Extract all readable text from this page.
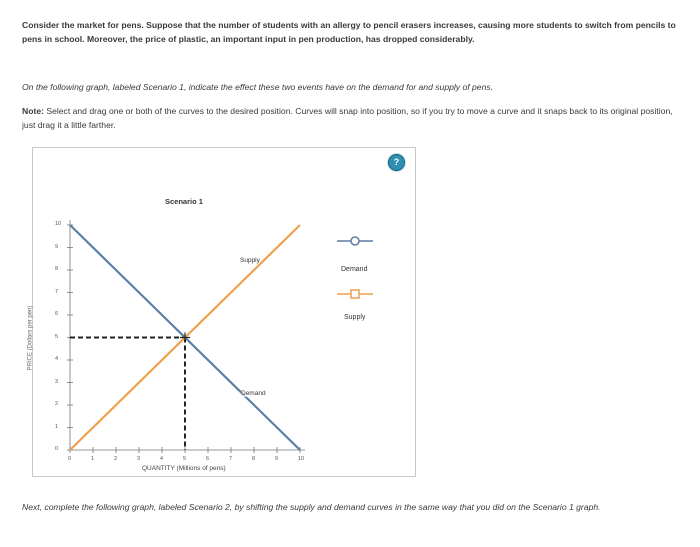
Consider the market for pens. Suppose that the number of students with an allergy to pencil erasers increases, causing more students to switch from pencils to pens in school. Moreover, the price of plastic, an important input in pen production, has dropped considerably.
On the following graph, labeled Scenario 1, indicate the effect these two events have on the demand for and supply of pens.
Note: Select and drag one or both of the curves to the desired position. Curves will snap into position, so if you try to move a curve and it snaps back to its original position, just drag it a little farther.
?
Scenario 1
0
1
2
3
4
5
6
7
8
9
10
0	1	2	3	4	5	6	7	8	9	10
QUANTITY (Millions of pens)
PRICE (Dollars per pen)
Supply
Demand
Demand
Supply
Next, complete the following graph, labeled Scenario 2, by shifting the supply and demand curves in the same way that you did on the Scenario 1 graph.
